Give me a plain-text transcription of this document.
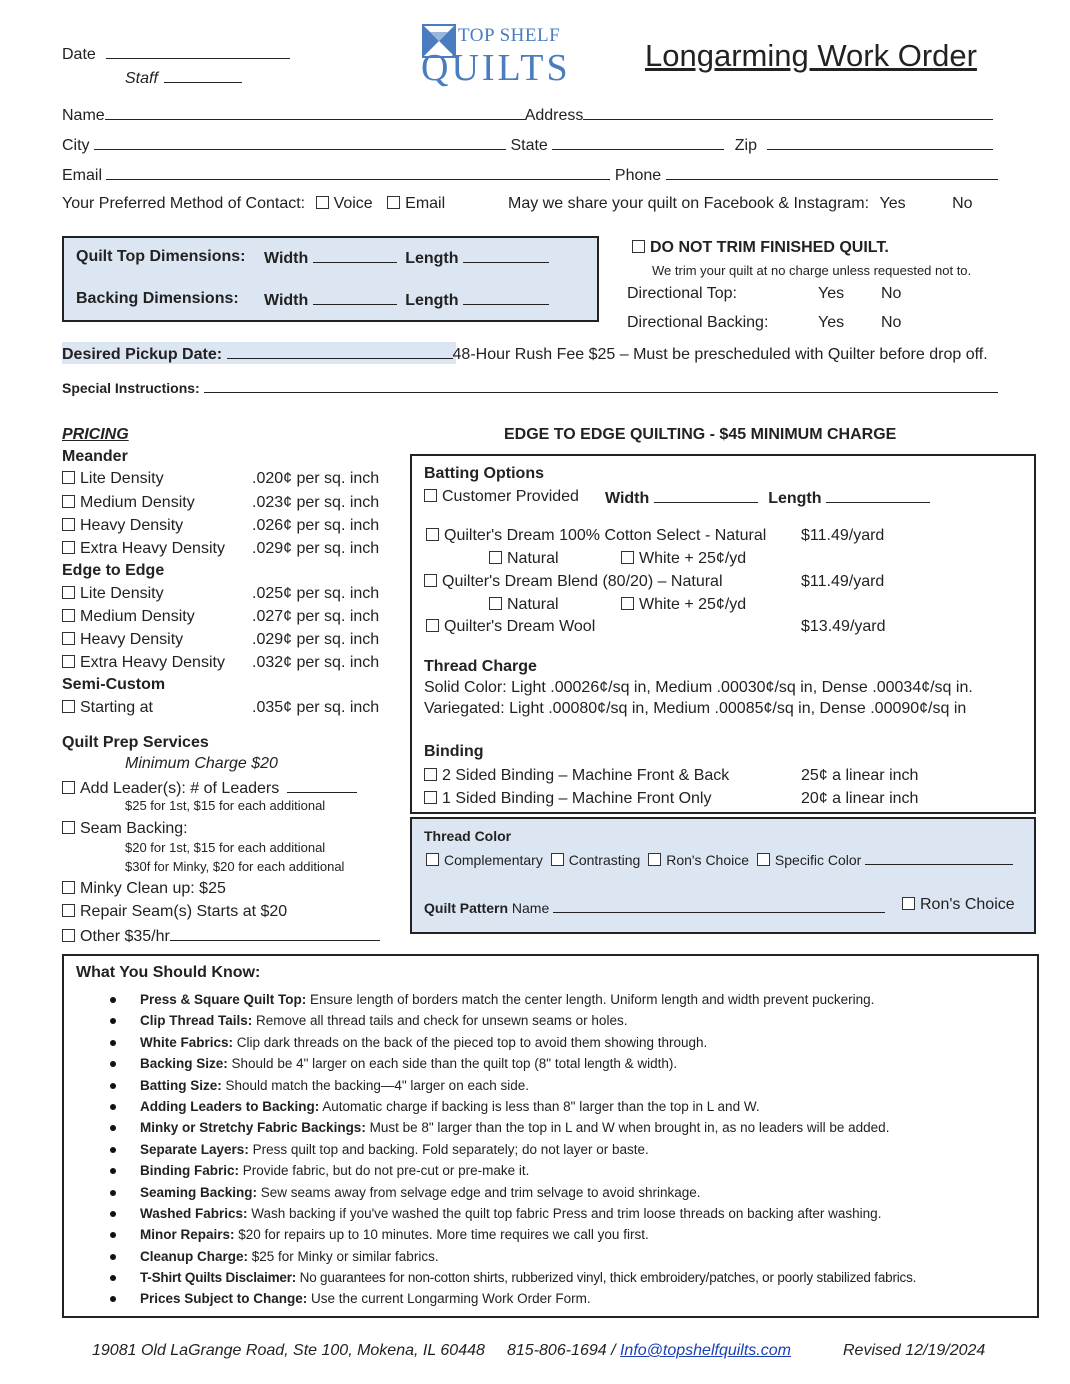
Date
Staff
TOP SHELF
QUILTS Longarming Work Order
Name	Address
City	State	Zip
Email	Phone
Your Preferred Method of Contact: Voice Email	May we share your quilt on Facebook & Instagram: Yes	No
Quilt Top Dimensions: Width	Length
Backing Dimensions: Width	Length
DO NOT TRIM FINISHED QUILT.
We trim your quilt at no charge unless requested not to.
Directional Top:	Yes No
Directional Backing:	Yes No
Desired Pickup Date:	48-Hour Rush Fee $25 – Must be prescheduled with Quilter before drop off.
Special Instructions:
PRICING
Meander
Lite Density	.020¢ per sq. inch
Medium Density	.023¢ per sq. inch
Heavy Density	.026¢ per sq. inch
Extra Heavy Density .029¢ per sq. inch
Edge to Edge
Lite Density	.025¢ per sq. inch
Medium Density	.027¢ per sq. inch
Heavy Density	.029¢ per sq. inch
Extra Heavy Density .032¢ per sq. inch
Semi-Custom
Starting at	.035¢ per sq. inch
Quilt Prep Services
Minimum Charge $20
Add Leader(s): # of Leaders
$25 for 1st, $15 for each additional
Seam Backing:
$20 for 1st, $15 for each additional
$30f for Minky, $20 for each additional
Minky Clean up: $25
Repair Seam(s) Starts at $20
Other $35/hr
EDGE TO EDGE QUILTING - $45 MINIMUM CHARGE
Batting Options
Customer Provided Width	Length
Quilter's Dream 100% Cotton Select - Natural $11.49/yard
Natural	White + 25¢/yd
Quilter's Dream Blend (80/20) – Natural	$11.49/yard
Natural	White + 25¢/yd
Quilter's Dream Wool	$13.49/yard
Thread Charge
Solid Color: Light .00026¢/sq in, Medium .00030¢/sq in, Dense .00034¢/sq in.
Variegated: Light .00080¢/sq in, Medium .00085¢/sq in, Dense .00090¢/sq in
Binding
2 Sided Binding – Machine Front & Back	25¢ a linear inch
1 Sided Binding – Machine Front Only	20¢ a linear inch
Thread Color
Complementary Contrasting Ron's Choice Specific Color
Quilt Pattern Name	Ron's Choice
What You Should Know:
Press & Square Quilt Top: Ensure length of borders match the center length. Uniform length and width prevent puckering.
Clip Thread Tails: Remove all thread tails and check for unsewn seams or holes.
White Fabrics: Clip dark threads on the back of the pieced top to avoid them showing through.
Backing Size: Should be 4" larger on each side than the quilt top (8" total length & width).
Batting Size: Should match the backing—4" larger on each side.
Adding Leaders to Backing: Automatic charge if backing is less than 8" larger than the top in L and W.
Minky or Stretchy Fabric Backings: Must be 8" larger than the top in L and W when brought in, as no leaders will be added.
Separate Layers: Press quilt top and backing. Fold separately; do not layer or baste.
Binding Fabric: Provide fabric, but do not pre-cut or pre-make it.
Seaming Backing: Sew seams away from selvage edge and trim selvage to avoid shrinkage.
Washed Fabrics: Wash backing if you've washed the quilt top fabric Press and trim loose threads on backing after washing.
Minor Repairs: $20 for repairs up to 10 minutes. More time requires we call you first.
Cleanup Charge: $25 for Minky or similar fabrics.
T-Shirt Quilts Disclaimer: No guarantees for non-cotton shirts, rubberized vinyl, thick embroidery/patches, or poorly stabilized fabrics.
Prices Subject to Change: Use the current Longarming Work Order Form.
19081 Old LaGrange Road, Ste 100, Mokena, IL 60448 815-806-1694 / Info@topshelfquilts.com	Revised 12/19/2024
